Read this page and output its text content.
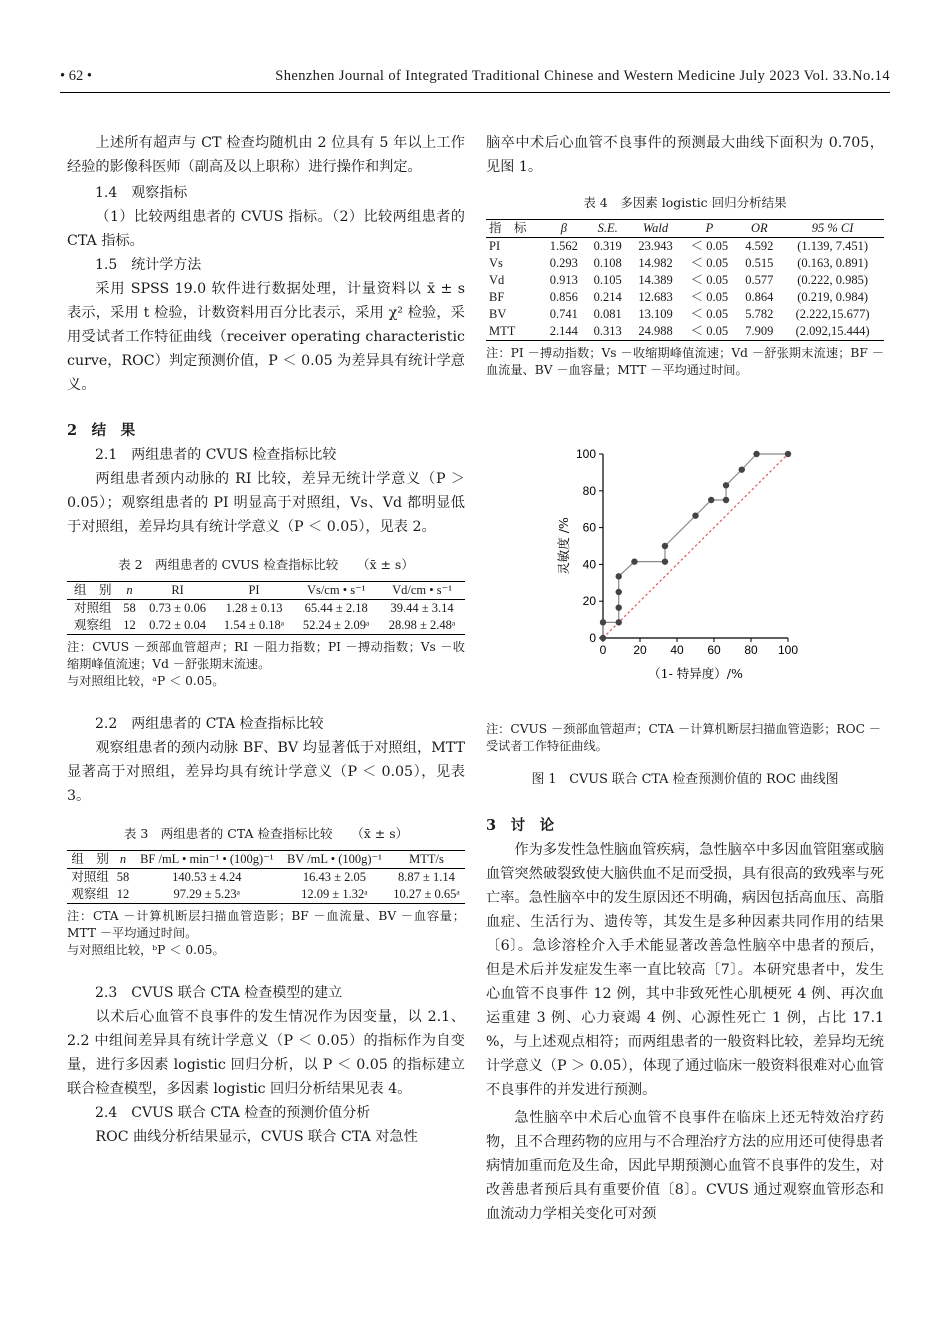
• 62 •	Shenzhen Journal of Integrated Traditional Chinese and Western Medicine July 2023 Vol. 33.No.14

上述所有超声与 CT 检查均随机由 2 位具有 5 年以上工作经验的影像科医师（副高及以上职称）进行操作和判定。

1.4　观察指标

（1）比较两组患者的 CVUS 指标。（2）比较两组患者的 CTA 指标。

1.5　统计学方法

采用 SPSS 19.0 软件进行数据处理，计量资料以 x̄ ± s 表示，采用 t 检验，计数资料用百分比表示，采用 χ² 检验，采用受试者工作特征曲线（receiver operating characteristic curve，ROC）判定预测价值，P ＜ 0.05 为差异具有统计学意义。

2　结　果

2.1　两组患者的 CVUS 检查指标比较

两组患者颈内动脉的 RI 比较，差异无统计学意义（P ＞ 0.05）；观察组患者的 PI 明显高于对照组，Vs、Vd 都明显低于对照组，差异均具有统计学意义（P ＜ 0.05），见表 2。

表 2　两组患者的 CVUS 检查指标比较　　（x̄ ± s）
组　别	n	RI	PI	Vs/cm • s⁻¹	Vd/cm • s⁻¹
对照组	58	0.73 ± 0.06	1.28 ± 0.13	65.44 ± 2.18	39.44 ± 3.14
观察组	12	0.72 ± 0.04	1.54 ± 0.18ᵃ	52.24 ± 2.09ᵃ	28.98 ± 2.48ᵃ

注：CVUS －颈部血管超声；RI －阻力指数；PI －搏动指数；Vs －收缩期峰值流速；Vd －舒张期末流速。

与对照组比较，ᵃP ＜ 0.05。

2.2　两组患者的 CTA 检查指标比较

观察组患者的颈内动脉 BF、BV 均显著低于对照组，MTT 显著高于对照组，差异均具有统计学意义（P ＜ 0.05），见表 3。

表 3　两组患者的 CTA 检查指标比较　　（x̄ ± s）
组　别	n	BF /mL • min⁻¹ • (100g)⁻¹	BV /mL • (100g)⁻¹	MTT/s
对照组	58	140.53 ± 4.24	16.43 ± 2.05	8.87 ± 1.14
观察组	12	97.29 ± 5.23ᵃ	12.09 ± 1.32ᵃ	10.27 ± 0.65ᵃ

注：CTA －计算机断层扫描血管造影；BF －血流量、BV －血容量；MTT －平均通过时间。

与对照组比较，ᵇP ＜ 0.05。

2.3　CVUS 联合 CTA 检查模型的建立

以术后心血管不良事件的发生情况作为因变量，以 2.1、2.2 中组间差异具有统计学意义（P ＜ 0.05）的指标作为自变量，进行多因素 logistic 回归分析，以 P ＜ 0.05 的指标建立联合检查模型，多因素 logistic 回归分析结果见表 4。

2.4　CVUS 联合 CTA 检查的预测价值分析

ROC 曲线分析结果显示，CVUS 联合 CTA 对急性

脑卒中术后心血管不良事件的预测最大曲线下面积为 0.705，见图 1。

表 4　多因素 logistic 回归分析结果
指　标	β	S.E.	Wald	P	OR	95 % CI
PI	1.562	0.319	23.943	＜ 0.05	4.592	(1.139, 7.451)
Vs	0.293	0.108	14.982	＜ 0.05	0.515	(0.163, 0.891)
Vd	0.913	0.105	14.389	＜ 0.05	0.577	(0.222, 0.985)
BF	0.856	0.214	12.683	＜ 0.05	0.864	(0.219, 0.984)
BV	0.741	0.081	13.109	＜ 0.05	5.782	(2.222,15.677)
MTT	2.144	0.313	24.988	＜ 0.05	7.909	(2.092,15.444)

注：PI －搏动指数；Vs －收缩期峰值流速；Vd －舒张期末流速；BF －血流量、BV －血容量；MTT －平均通过时间。

0 20 40 60 80 100
0
20
40
60
80
100
（1- 特异度）/%
灵敏度 /%
注：CVUS －颈部血管超声；CTA －计算机断层扫描血管造影；ROC －受试者工作特征曲线。
图 1　CVUS 联合 CTA 检查预测价值的 ROC 曲线图

3　讨　论

作为多发性急性脑血管疾病，急性脑卒中多因血管阻塞或脑血管突然破裂致使大脑供血不足而受损，具有很高的致残率与死亡率。急性脑卒中的发生原因还不明确，病因包括高血压、高脂血症、生活行为、遗传等，其发生是多种因素共同作用的结果〔6〕。急诊溶栓介入手术能显著改善急性脑卒中患者的预后，但是术后并发症发生率一直比较高〔7〕。本研究患者中，发生心血管不良事件 12 例，其中非致死性心肌梗死 4 例、再次血运重建 3 例、心力衰竭 4 例、心源性死亡 1 例，占比 17.1 %，与上述观点相符；而两组患者的一般资料比较，差异均无统计学意义（P ＞ 0.05），体现了通过临床一般资料很难对心血管不良事件的并发进行预测。

急性脑卒中术后心血管不良事件在临床上还无特效治疗药物，且不合理药物的应用与不合理治疗方法的应用还可使得患者病情加重而危及生命，因此早期预测心血管不良事件的发生，对改善患者预后具有重要价值〔8〕。CVUS 通过观察血管形态和血流动力学相关变化可对颈
